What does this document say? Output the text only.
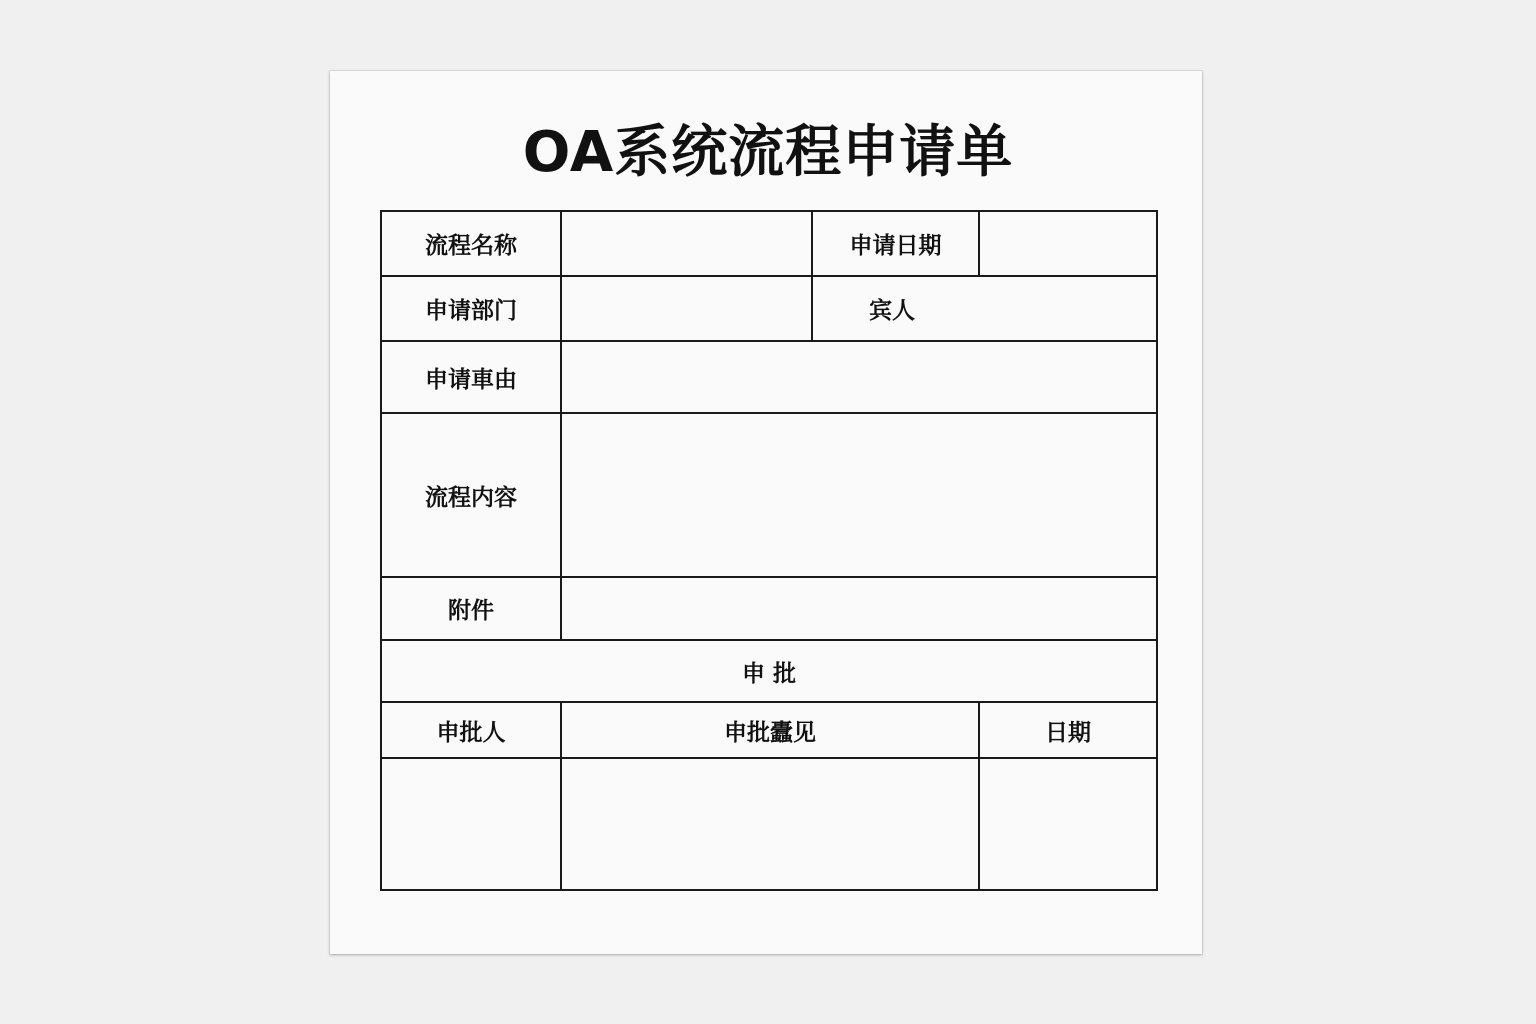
OA系统流程申请单
流程名称		申请日期	
申请部门		宾人	
申请車由			
流程内容			
附件			
申 批			
申批人	申批蠹见		日期
